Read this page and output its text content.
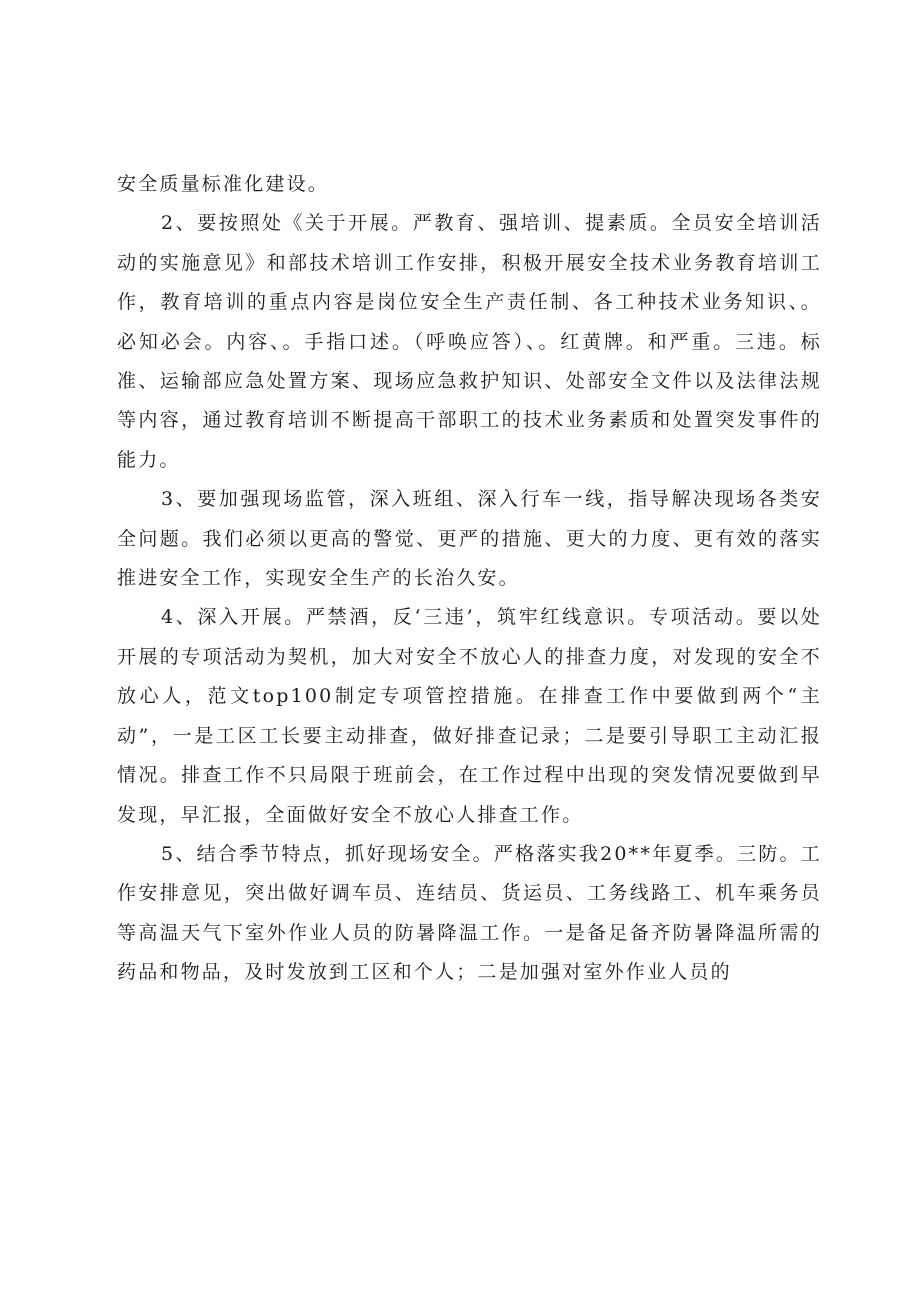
安全质量标准化建设。

2、要按照处《关于开展。严教育、强培训、提素质。全员安全培训活动的实施意见》和部技术培训工作安排，积极开展安全技术业务教育培训工作，教育培训的重点内容是岗位安全生产责任制、各工种技术业务知识、。必知必会。内容、。手指口述。（呼唤应答）、。红黄牌。和严重。三违。标准、运输部应急处置方案、现场应急救护知识、处部安全文件以及法律法规等内容，通过教育培训不断提高干部职工的技术业务素质和处置突发事件的能力。

3、要加强现场监管，深入班组、深入行车一线，指导解决现场各类安全问题。我们必须以更高的警觉、更严的措施、更大的力度、更有效的落实推进安全工作，实现安全生产的长治久安。

4、深入开展。严禁酒，反‘三违’，筑牢红线意识。专项活动。要以处开展的专项活动为契机，加大对安全不放心人的排查力度，对发现的安全不放心人，范文top100制定专项管控措施。在排查工作中要做到两个“主动”，一是工区工长要主动排查，做好排查记录；二是要引导职工主动汇报情况。排查工作不只局限于班前会，在工作过程中出现的突发情况要做到早发现，早汇报，全面做好安全不放心人排查工作。

5、结合季节特点，抓好现场安全。严格落实我20**年夏季。三防。工作安排意见，突出做好调车员、连结员、货运员、工务线路工、机车乘务员等高温天气下室外作业人员的防暑降温工作。一是备足备齐防暑降温所需的药品和物品，及时发放到工区和个人；二是加强对室外作业人员的
